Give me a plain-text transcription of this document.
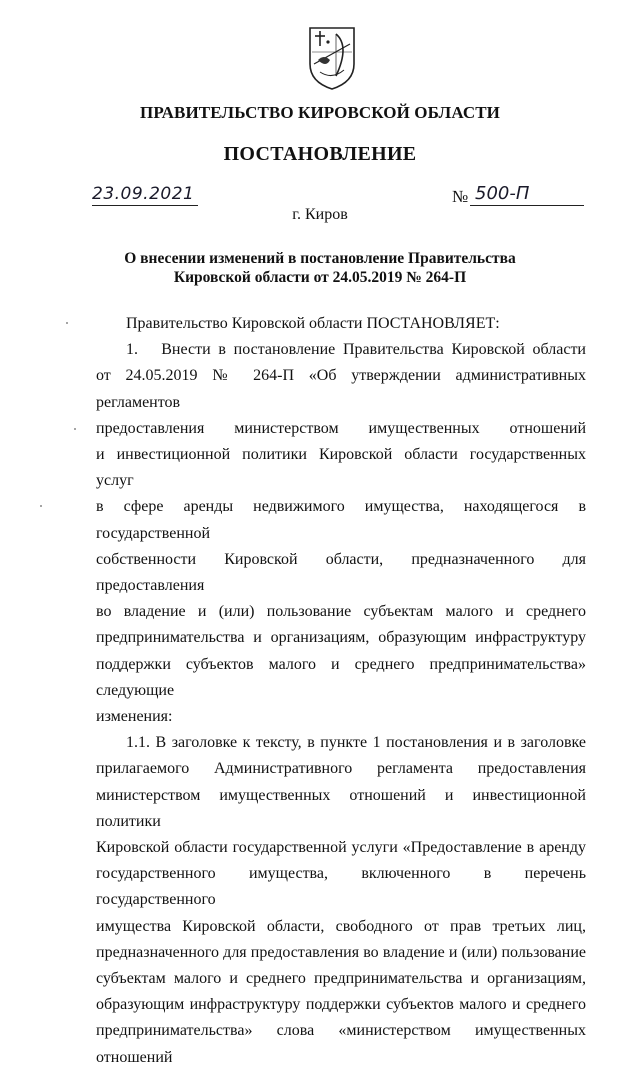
ПРАВИТЕЛЬСТВО КИРОВСКОЙ ОБЛАСТИ
ПОСТАНОВЛЕНИЕ
23.09.2021	№ 500-П
г. Киров
О внесении изменений в постановление Правительства
Кировской области от 24.05.2019 № 264-П

Правительство Кировской области ПОСТАНОВЛЯЕТ:

1.   Внести в постановление Правительства Кировской области

от 24.05.2019 № 264-П «Об утверждении административных регламентов

предоставления министерством имущественных отношений

и инвестиционной политики Кировской области государственных услуг

в сфере аренды недвижимого имущества, находящегося в государственной

собственности Кировской области, предназначенного для предоставления

во владение и (или) пользование субъектам малого и среднего

предпринимательства и организациям, образующим инфраструктуру

поддержки субъектов малого и среднего предпринимательства» следующие

изменения:

1.1. В заголовке к тексту, в пункте 1 постановления и в заголовке

прилагаемого Административного регламента предоставления

министерством имущественных отношений и инвестиционной политики

Кировской области государственной услуги «Предоставление в аренду

государственного имущества, включенного в перечень государственного

имущества Кировской области, свободного от прав третьих лиц,

предназначенного для предоставления во владение и (или) пользование

субъектам малого и среднего предпринимательства и организациям,

образующим инфраструктуру поддержки субъектов малого и среднего

предпринимательства» слова «министерством имущественных отношений
